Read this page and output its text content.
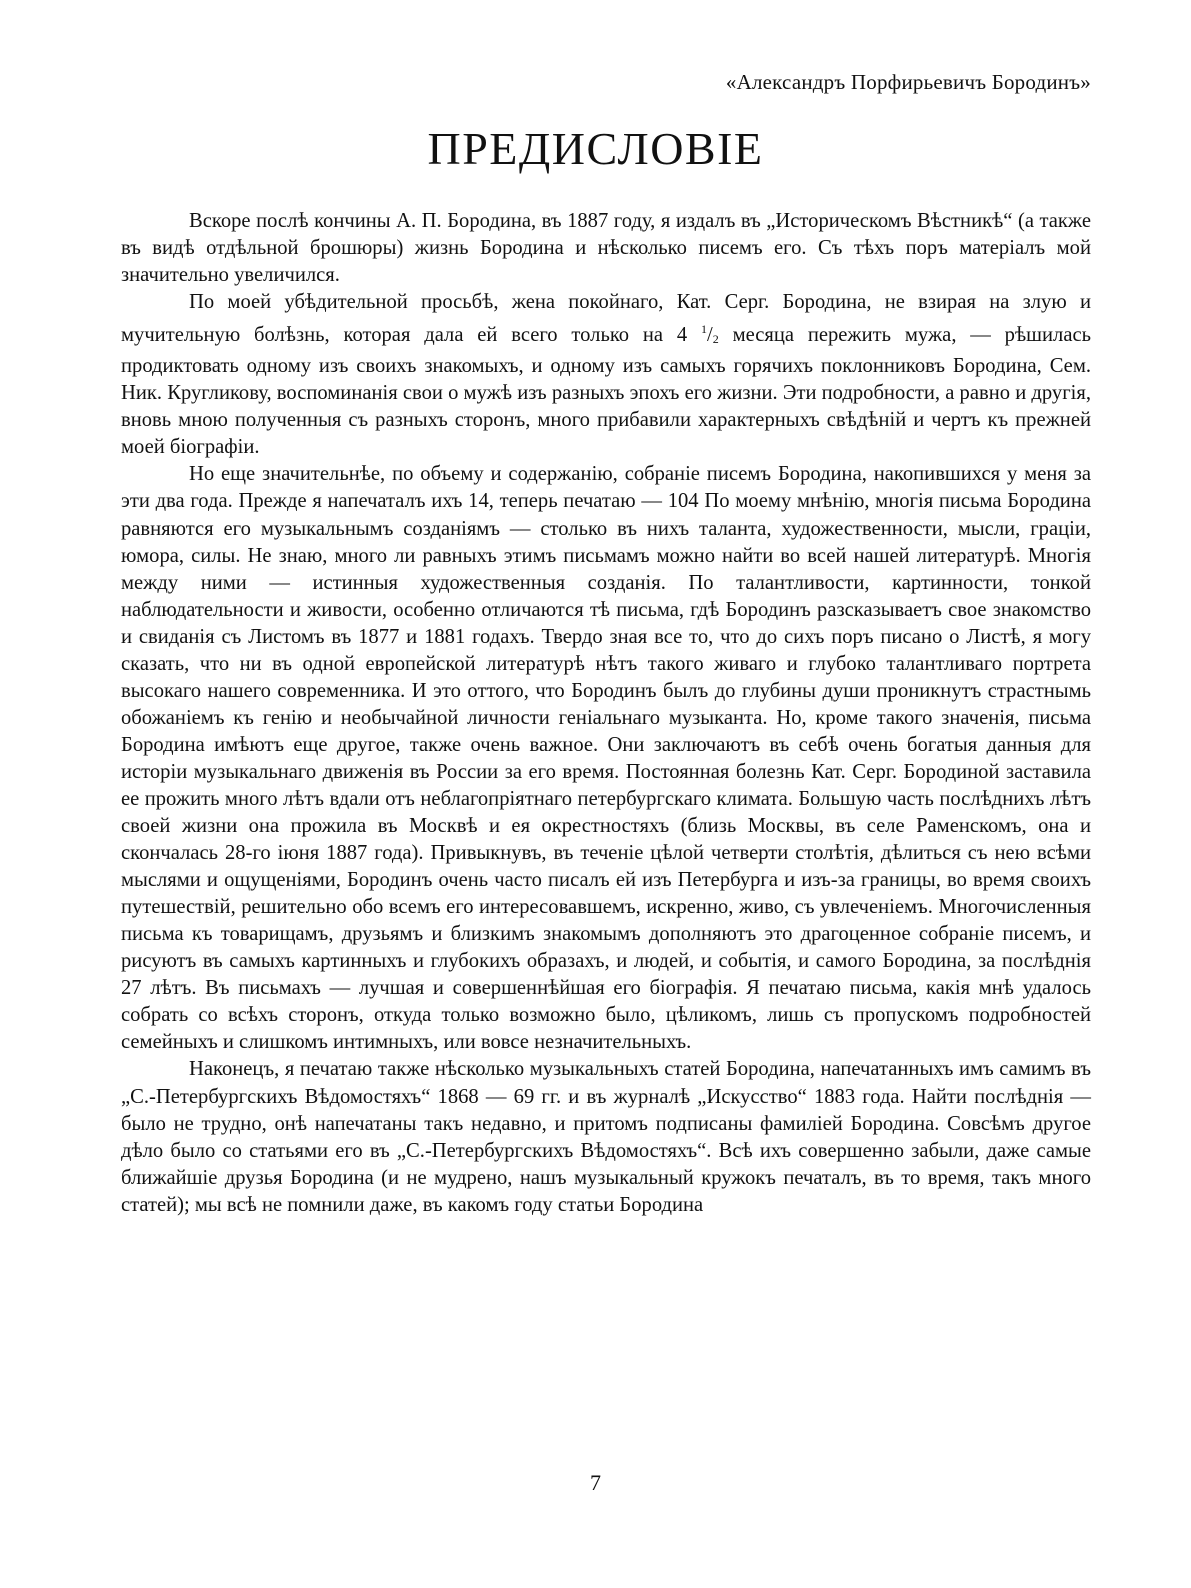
«Александръ Порфирьевичъ Бородинъ»
ПРЕДИСЛОВІЕ

Вскоре послѣ кончины А. П. Бородина, въ 1887 году, я издалъ въ „Историческомъ Вѣстникѣ“ (а также въ видѣ отдѣльной брошюры) жизнь Бородина и нѣсколько писемъ его. Съ тѣхъ поръ матеріалъ мой значительно увеличился.

По моей убѣдительной просьбѣ, жена покойнаго, Кат. Серг. Бородина, не взирая на злую и мучительную болѣзнь, которая дала ей всего только на 4 $^1/_2$ месяца пережить мужа, — рѣшилась продиктовать одному изъ своихъ знакомыхъ, и одному изъ самыхъ горячихъ поклонниковъ Бородина, Сем. Ник. Кругликову, воспоминанія свои о мужѣ изъ разныхъ эпохъ его жизни. Эти подробности, а равно и другія, вновь мною полученныя съ разныхъ сторонъ, много прибавили характерныхъ свѣдѣній и чертъ къ прежней моей біографіи.

Но еще значительнѣе, по объему и содержанію, собраніе писемъ Бородина, накопившихся у меня за эти два года. Прежде я напечаталъ ихъ 14, теперь печатаю — 104 По моему мнѣнію, многія письма Бородина равняются его музыкальнымъ созданіямъ — столько въ нихъ таланта, художественности, мысли, граціи, юмора, силы. Не знаю, много ли равныхъ этимъ письмамъ можно найти во всей нашей литературѣ. Многія между ними — истинныя художественныя созданія. По талантливости, картинности, тонкой наблюдательности и живости, особенно отличаются тѣ письма, гдѣ Бородинъ разсказываетъ свое знакомство и свиданія съ Листомъ въ 1877 и 1881 годахъ. Твердо зная все то, что до сихъ поръ писано о Листѣ, я могу сказать, что ни въ одной европейской литературѣ нѣтъ такого живаго и глубоко талантливаго портрета высокаго нашего современника. И это оттого, что Бородинъ былъ до глубины души проникнутъ страстнымь обожаніемъ къ генію и необычайной личности геніальнаго музыканта. Но, кроме такого значенія, письма Бородина имѣютъ еще другое, также очень важное. Они заключаютъ въ себѣ очень богатыя данныя для исторіи музыкальнаго движенія въ России за его время. Постоянная болезнь Кат. Серг. Бородиной заставила ее прожить много лѣтъ вдали отъ неблагопріятнаго петербургскаго климата. Большую часть послѣднихъ лѣтъ своей жизни она прожила въ Москвѣ и ея окрестностяхъ (близь Москвы, въ селе Раменскомъ, она и скончалась 28-го іюня 1887 года). Привыкнувъ, въ теченіе цѣлой четверти столѣтія, дѣлиться съ нею всѣми мыслями и ощущеніями, Бородинъ очень часто писалъ ей изъ Петербурга и изъ-за границы, во время своихъ путешествій, решительно обо всемъ его интересовавшемъ, искренно, живо, съ увлеченіемъ. Многочисленныя письма къ товарищамъ, друзьямъ и близкимъ знакомымъ дополняютъ это драгоценное собраніе писемъ, и рисуютъ въ самыхъ картинныхъ и глубокихъ образахъ, и людей, и событія, и самого Бородина, за послѣднія 27 лѣтъ. Въ письмахъ — лучшая и совершеннѣйшая его біографія. Я печатаю письма, какія мнѣ удалось собрать со всѣхъ сторонъ, откуда только возможно было, цѣликомъ, лишь съ пропускомъ подробностей семейныхъ и слишкомъ интимныхъ, или вовсе незначительныхъ.

Наконецъ, я печатаю также нѣсколько музыкальныхъ статей Бородина, напечатанныхъ имъ самимъ въ „С.-Петербургскихъ Вѣдомостяхъ“ 1868 — 69 гг. и въ журналѣ „Искусство“ 1883 года. Найти послѣднія — было не трудно, онѣ напечатаны такъ недавно, и притомъ подписаны фамиліей Бородина. Совсѣмъ другое дѣло было со статьями его въ „С.-Петербургскихъ Вѣдомостяхъ“. Всѣ ихъ совершенно забыли, даже самые ближайшіе друзья Бородина (и не мудрено, нашъ музыкальный кружокъ печаталъ, въ то время, такъ много статей); мы всѣ не помнили даже, въ какомъ году статьи Бородина

7
